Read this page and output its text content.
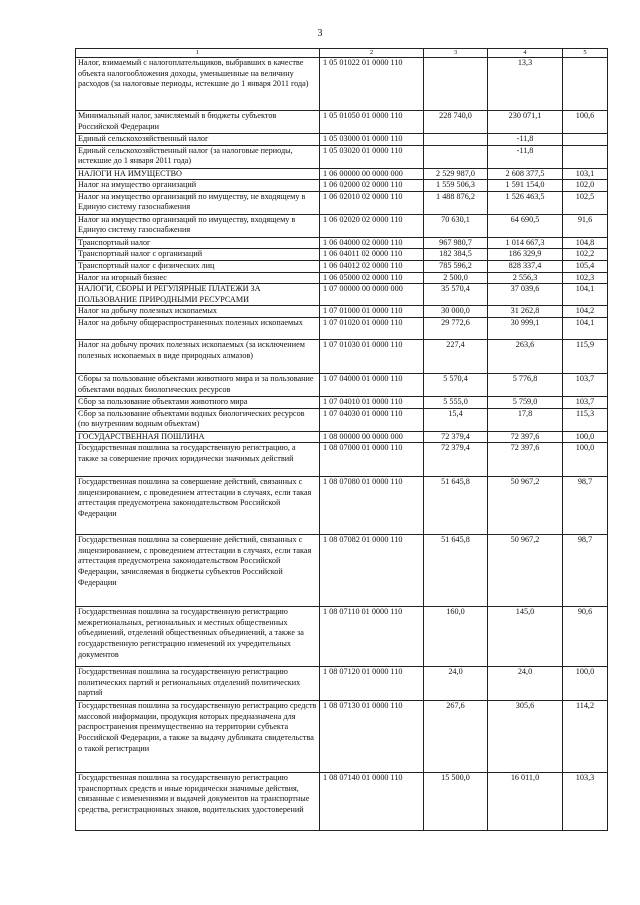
3
1	2	3	4	5
Налог, взимаемый с налогоплательщиков, выбравших в качестве объекта налогообложения доходы, уменьшенные на величину расходов (за налоговые периоды, истекшие до 1 января 2011 года)	1 05 01022 01 0000 110		13,3	
Минимальный налог, зачисляемый в бюджеты субъектов Российской Федерации	1 05 01050 01 0000 110	228 740,0	230 071,1	100,6
Единый сельскохозяйственный налог	1 05 03000 01 0000 110		-11,8	
Единый сельскохозяйственный налог (за налоговые периоды, истекшие до 1 января 2011 года)	1 05 03020 01 0000 110		-11,8	
НАЛОГИ НА ИМУЩЕСТВО	1 06 00000 00 0000 000	2 529 987,0	2 608 377,5	103,1
Налог на имущество организаций	1 06 02000 02 0000 110	1 559 506,3	1 591 154,0	102,0
Налог на имущество организаций по имуществу, не входящему в Единую систему газоснабжения	1 06 02010 02 0000 110	1 488 876,2	1 526 463,5	102,5
Налог на имущество организаций по имуществу, входящему в Единую систему газоснабжения	1 06 02020 02 0000 110	70 630,1	64 690,5	91,6
Транспортный налог	1 06 04000 02 0000 110	967 980,7	1 014 667,3	104,8
Транспортный налог с организаций	1 06 04011 02 0000 110	182 384,5	186 329,9	102,2
Транспортный налог с физических лиц	1 06 04012 02 0000 110	785 596,2	828 337,4	105,4
Налог на игорный бизнес	1 06 05000 02 0000 110	2 500,0	2 556,3	102,3
НАЛОГИ, СБОРЫ И РЕГУЛЯРНЫЕ ПЛАТЕЖИ ЗА ПОЛЬЗОВАНИЕ ПРИРОДНЫМИ РЕСУРСАМИ	1 07 00000 00 0000 000	35 570,4	37 039,6	104,1
Налог на добычу полезных ископаемых	1 07 01000 01 0000 110	30 000,0	31 262,8	104,2
Налог на добычу общераспространенных полезных ископаемых	1 07 01020 01 0000 110	29 772,6	30 999,1	104,1
Налог на добычу прочих полезных ископаемых (за исключением полезных ископаемых в виде природных алмазов)	1 07 01030 01 0000 110	227,4	263,6	115,9
Сборы за пользование объектами животного мира и за пользование объектами водных биологических ресурсов	1 07 04000 01 0000 110	5 570,4	5 776,8	103,7
Сбор за пользование объектами животного мира	1 07 04010 01 0000 110	5 555,0	5 759,0	103,7
Сбор за пользование объектами водных биологических ресурсов (по внутренним водным объектам)	1 07 04030 01 0000 110	15,4	17,8	115,3
ГОСУДАРСТВЕННАЯ ПОШЛИНА	1 08 00000 00 0000 000	72 379,4	72 397,6	100,0
Государственная пошлина за государственную регистрацию, а также за совершение прочих юридически значимых действий	1 08 07000 01 0000 110	72 379,4	72 397,6	100,0
Государственная пошлина за совершение действий, связанных с лицензированием, с проведением аттестации в случаях, если такая аттестация предусмотрена законодательством Российской Федерации	1 08 07080 01 0000 110	51 645,8	50 967,2	98,7
Государственная пошлина за совершение действий, связанных с лицензированием, с проведением аттестации в случаях, если такая аттестация предусмотрена законодательством Российской Федерации, зачисляемая в бюджеты субъектов Российской Федерации	1 08 07082 01 0000 110	51 645,8	50 967,2	98,7
Государственная пошлина за государственную регистрацию межрегиональных, региональных и местных общественных объединений, отделений общественных объединений, а также за государственную регистрацию изменений их учредительных документов	1 08 07110 01 0000 110	160,0	145,0	90,6
Государственная пошлина за государственную регистрацию политических партий и региональных отделений политических партий	1 08 07120 01 0000 110	24,0	24,0	100,0
Государственная пошлина за государственную регистрацию средств массовой информации, продукция которых предназначена для распространения преимущественно на территории субъекта Российской Федерации, а также за выдачу дубликата свидетельства о такой регистрации	1 08 07130 01 0000 110	267,6	305,6	114,2
Государственная пошлина за государственную регистрацию транспортных средств и иные юридически значимые действия, связанные с изменениями и выдачей документов на транспортные средства, регистрационных знаков, водительских удостоверений	1 08 07140 01 0000 110	15 500,0	16 011,0	103,3
